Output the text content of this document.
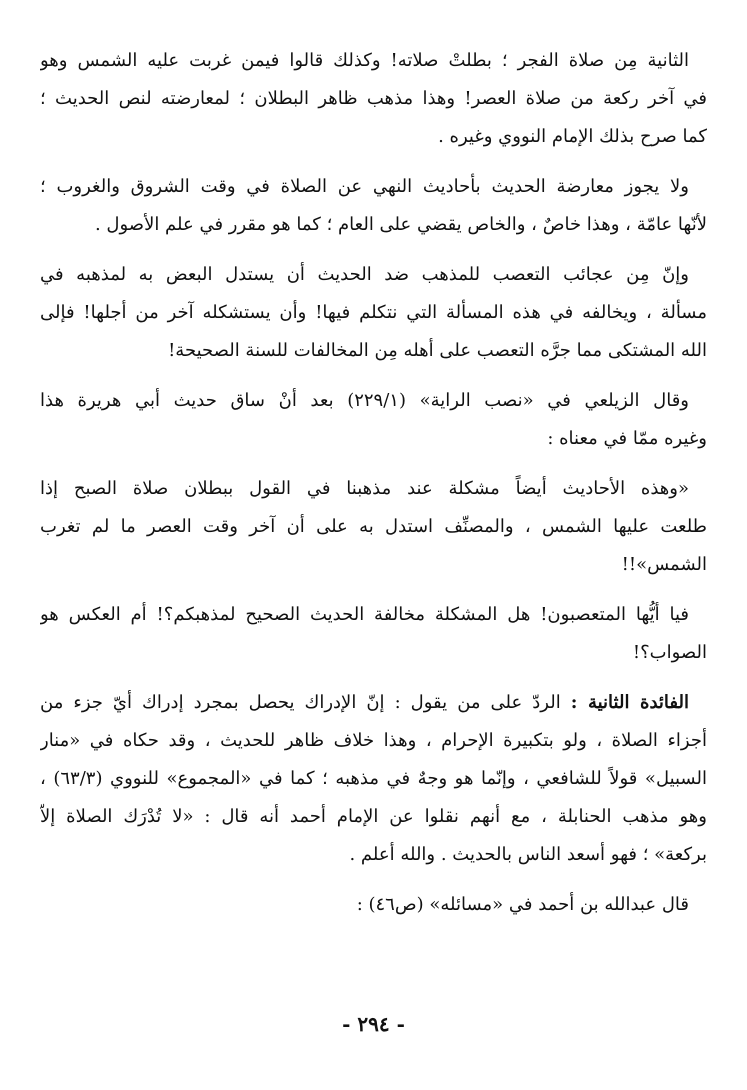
الثانية مِن صلاة الفجر ؛ بطلتْ صلاته! وكذلك قالوا فيمن غربت عليه الشمس وهو
في آخر ركعة من صلاة العصر! وهذا مذهب ظاهر البطلان ؛ لمعارضته لنص الحديث ؛
كما صرح بذلك الإمام النووي وغيره .
ولا يجوز معارضة الحديث بأحاديث النهي عن الصلاة في وقت الشروق والغروب ؛
لأنّها عامّة ، وهذا خاصٌ ، والخاص يقضي على العام ؛ كما هو مقرر في علم الأصول .
وإنّ مِن عجائب التعصب للمذهب ضد الحديث أن يستدل البعض به لمذهبه في
مسألة ، ويخالفه في هذه المسألة التي نتكلم فيها! وأن يستشكله آخر من أجلها! فإلى
الله المشتكى مما جرَّه التعصب على أهله مِن المخالفات للسنة الصحيحة!
وقال الزيلعي في «نصب الراية» (٢٢٩/١) بعد أنْ ساق حديث أبي هريرة هذا
وغيره ممّا في معناه :
«وهذه الأحاديث أيضاً مشكلة عند مذهبنا في القول ببطلان صلاة الصبح إذا
طلعت عليها الشمس ، والمصنِّف استدل به على أن آخر وقت العصر ما لم تغرب
الشمس»!!
فيا أيُّها المتعصبون! هل المشكلة مخالفة الحديث الصحيح لمذهبكم؟! أم العكس هو
الصواب؟!
الفائدة الثانية : الردّ على من يقول : إنّ الإدراك يحصل بمجرد إدراك أيّ جزء من
أجزاء الصلاة ، ولو بتكبيرة الإحرام ، وهذا خلاف ظاهر للحديث ، وقد حكاه في «منار
السبيل» قولاً للشافعي ، وإنّما هو وجهٌ في مذهبه ؛ كما في «المجموع» للنووي (٦٣/٣) ،
وهو مذهب الحنابلة ، مع أنهم نقلوا عن الإمام أحمد أنه قال : «لا تُدْرَك الصلاة إلاّ
بركعة» ؛ فهو أسعد الناس بالحديث . والله أعلم .
قال عبدالله بن أحمد في «مسائله» (ص٤٦) :
- ٢٩٤ -
